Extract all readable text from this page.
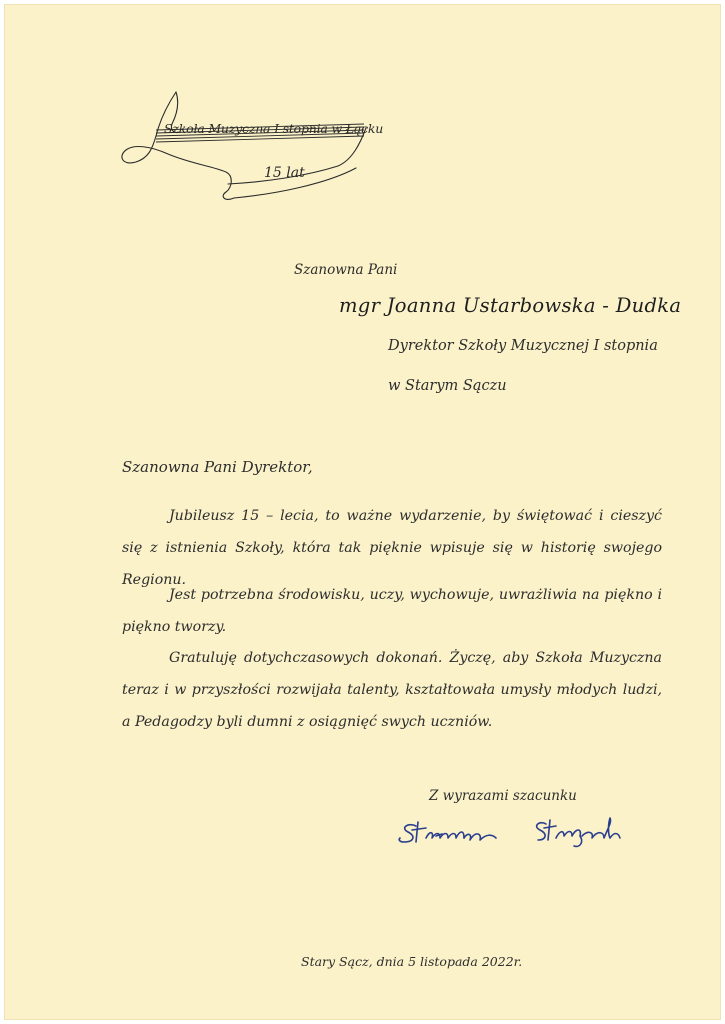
Szkoła Muzyczna I stopnia w Łącku
15 lat
Szanowna Pani
mgr Joanna Ustarbowska - Dudka
Dyrektor Szkoły Muzycznej I stopnia
w Starym Sączu
Szanowna Pani Dyrektor,

Jubileusz 15 – lecia, to ważne wydarzenie, by świętować i cieszyć się z istnienia Szkoły, która tak pięknie wpisuje się w historię swojego Regionu.

Jest potrzebna środowisku, uczy, wychowuje, uwrażliwia na piękno i piękno tworzy.

Gratuluję dotychczasowych dokonań. Życzę, aby Szkoła Muzyczna teraz i w przyszłości rozwijała talenty, kształtowała umysły młodych ludzi, a Pedagodzy byli dumni z osiągnięć swych uczniów.

Z wyrazami szacunku
Stary Sącz, dnia 5 listopada 2022r.
